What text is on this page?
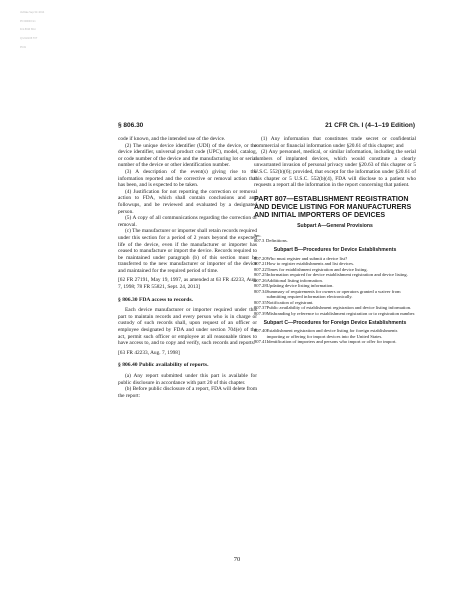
VerDate Sep<11>2014

PO 00000 Frm

Fmt 8010 Sfmt

Q:\21\21V8.TXT

PC31

§ 806.30	21 CFR Ch. I (4–1–19 Edition)

code if known, and the intended use of the device.

(2) The unique device identifier (UDI) of the device, or the device identifier, universal product code (UPC), model, catalog, or code number of the device and the manufacturing lot or serial number of the device or other identification number.

(3) A description of the event(s) giving rise to the information reported and the corrective or removal action that has been, and is expected to be taken.

(4) Justification for not reporting the correction or removal action to FDA, which shall contain conclusions and any followups, and be reviewed and evaluated by a designated person.

(5) A copy of all communications regarding the correction or removal.

(c) The manufacturer or importer shall retain records required under this section for a period of 2 years beyond the expected life of the device, even if the manufacturer or importer has ceased to manufacture or import the device. Records required to be maintained under paragraph (b) of this section must be transferred to the new manufacturer or importer of the device and maintained for the required period of time.

[62 FR 27191, May 19, 1997, as amended at 63 FR 42233, Aug. 7, 1998; 78 FR 55821, Sept. 24, 2013]

§ 806.30 FDA access to records.

Each device manufacturer or importer required under this part to maintain records and every person who is in charge or custody of such records shall, upon request of an officer or employee designated by FDA and under section 704(e) of the act, permit such officer or employee at all reasonable times to have access to, and to copy and verify, such records and reports.

[63 FR 42233, Aug. 7, 1998]

§ 806.40 Public availability of reports.

(a) Any report submitted under this part is available for public disclosure in accordance with part 20 of this chapter.

(b) Before public disclosure of a report, FDA will delete from the report:

(1) Any information that constitutes trade secret or confidential commercial or financial information under §20.61 of this chapter; and

(2) Any personnel, medical, or similar information, including the serial numbers of implanted devices, which would constitute a clearly unwarranted invasion of personal privacy under §20.63 of this chapter or 5 U.S.C. 552(b)(6); provided, that except for the information under §20.61 of this chapter or 5 U.S.C. 552(b)(4), FDA will disclose to a patient who requests a report all the information in the report concerning that patient.

PART 807—ESTABLISHMENT REGISTRATION AND DEVICE LISTING FOR MANUFACTURERS AND INITIAL IMPORTERS OF DEVICES
Subpart A—General Provisions
Sec.
807.3 Definitions.
Subpart B—Procedures for Device Establishments
807.20 Who must register and submit a device list?
807.21 How to register establishments and list devices.
807.22 Times for establishment registration and device listing.
807.25 Information required for device establishment registration and device listing.
807.26 Additional listing information.
807.28 Updating device listing information.
807.34 Summary of requirements for owners or operators granted a waiver from submitting required information electronically.
807.35 Notification of registrant.
807.37 Public availability of establishment registration and device listing information.
807.39 Misbranding by reference to establishment registration or to registration number.
Subpart C—Procedures for Foreign Device Establishments
807.40 Establishment registration and device listing for foreign establishments importing or offering for import devices into the United States.
807.41 Identification of importers and persons who import or offer for import.
70
